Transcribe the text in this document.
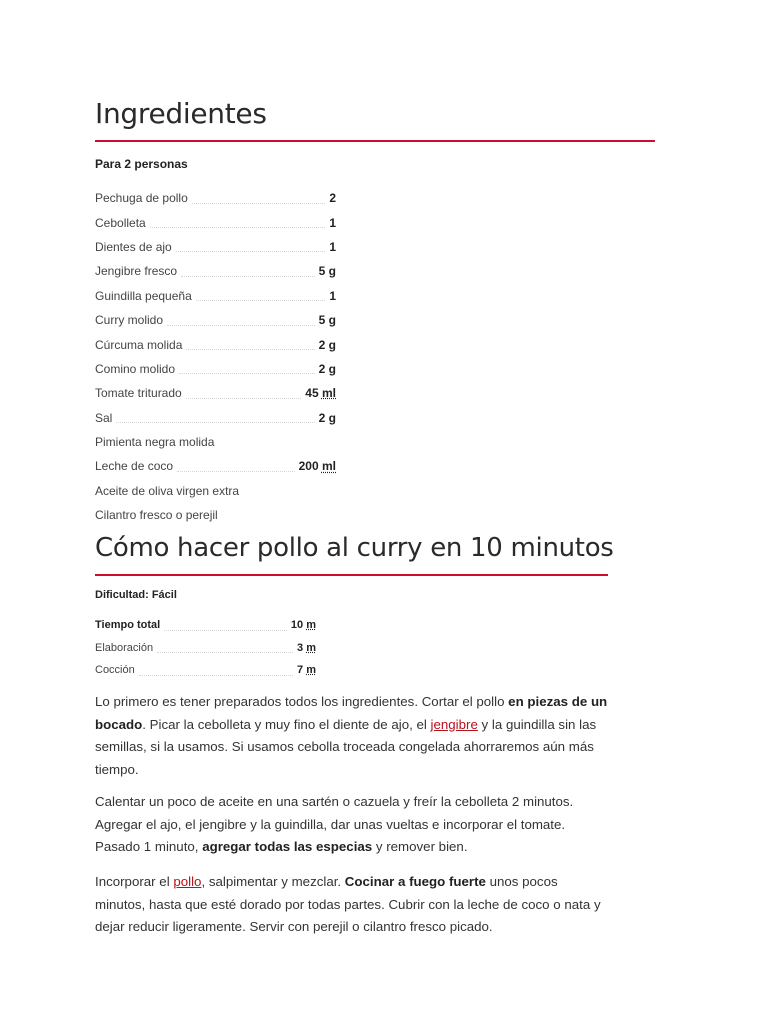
Ingredientes
Para 2 personas
Pechuga de pollo	2
Cebolleta	1
Dientes de ajo	1
Jengibre fresco	5 g
Guindilla pequeña	1
Curry molido	5 g
Cúrcuma molida	2 g
Comino molido	2 g
Tomate triturado	45 ml
Sal	2 g
Pimienta negra molida
Leche de coco	200 ml
Aceite de oliva virgen extra
Cilantro fresco o perejil
Cómo hacer pollo al curry en 10 minutos
Dificultad: Fácil
Tiempo total	10 m
Elaboración	3 m
Cocción	7 m

Lo primero es tener preparados todos los ingredientes. Cortar el pollo en piezas de un bocado. Picar la cebolleta y muy fino el diente de ajo, el jengibre y la guindilla sin las semillas, si la usamos. Si usamos cebolla troceada congelada ahorraremos aún más tiempo.

Calentar un poco de aceite en una sartén o cazuela y freír la cebolleta 2 minutos. Agregar el ajo, el jengibre y la guindilla, dar unas vueltas e incorporar el tomate. Pasado 1 minuto, agregar todas las especias y remover bien.

Incorporar el pollo, salpimentar y mezclar. Cocinar a fuego fuerte unos pocos minutos, hasta que esté dorado por todas partes. Cubrir con la leche de coco o nata y dejar reducir ligeramente. Servir con perejil o cilantro fresco picado.
